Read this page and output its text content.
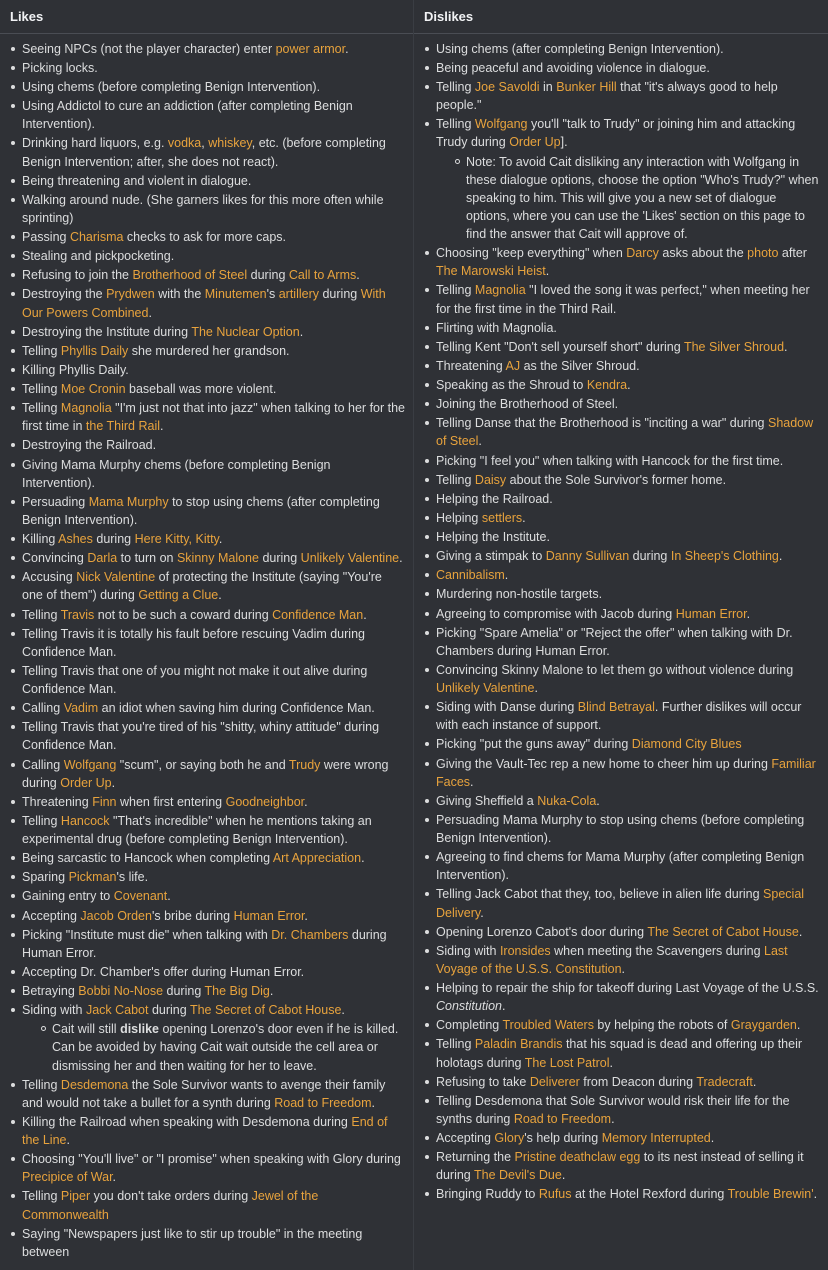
Likes
Seeing NPCs (not the player character) enter power armor.
Picking locks.
Using chems (before completing Benign Intervention).
Using Addictol to cure an addiction (after completing Benign Intervention).
Drinking hard liquors, e.g. vodka, whiskey, etc. (before completing Benign Intervention; after, she does not react).
Being threatening and violent in dialogue.
Walking around nude. (She garners likes for this more often while sprinting)
Passing Charisma checks to ask for more caps.
Stealing and pickpocketing.
Refusing to join the Brotherhood of Steel during Call to Arms.
Destroying the Prydwen with the Minutemen's artillery during With Our Powers Combined.
Destroying the Institute during The Nuclear Option.
Telling Phyllis Daily she murdered her grandson.
Killing Phyllis Daily.
Telling Moe Cronin baseball was more violent.
Telling Magnolia "I'm just not that into jazz" when talking to her for the first time in the Third Rail.
Destroying the Railroad.
Giving Mama Murphy chems (before completing Benign Intervention).
Persuading Mama Murphy to stop using chems (after completing Benign Intervention).
Killing Ashes during Here Kitty, Kitty.
Convincing Darla to turn on Skinny Malone during Unlikely Valentine.
Accusing Nick Valentine of protecting the Institute (saying "You're one of them") during Getting a Clue.
Telling Travis not to be such a coward during Confidence Man.
Telling Travis it is totally his fault before rescuing Vadim during Confidence Man.
Telling Travis that one of you might not make it out alive during Confidence Man.
Calling Vadim an idiot when saving him during Confidence Man.
Telling Travis that you're tired of his "shitty, whiny attitude" during Confidence Man.
Calling Wolfgang "scum", or saying both he and Trudy were wrong during Order Up.
Threatening Finn when first entering Goodneighbor.
Telling Hancock "That's incredible" when he mentions taking an experimental drug (before completing Benign Intervention).
Being sarcastic to Hancock when completing Art Appreciation.
Sparing Pickman's life.
Gaining entry to Covenant.
Accepting Jacob Orden's bribe during Human Error.
Picking "Institute must die" when talking with Dr. Chambers during Human Error.
Accepting Dr. Chamber's offer during Human Error.
Betraying Bobbi No-Nose during The Big Dig.
Siding with Jack Cabot during The Secret of Cabot House.
Cait will still dislike opening Lorenzo's door even if he is killed. Can be avoided by having Cait wait outside the cell area or dismissing her and then waiting for her to leave.
Telling Desdemona the Sole Survivor wants to avenge their family and would not take a bullet for a synth during Road to Freedom.
Killing the Railroad when speaking with Desdemona during End of the Line.
Choosing "You'll live" or "I promise" when speaking with Glory during Precipice of War.
Telling Piper you don't take orders during Jewel of the Commonwealth
Saying "Newspapers just like to stir up trouble" in the meeting between
Dislikes
Using chems (after completing Benign Intervention).
Being peaceful and avoiding violence in dialogue.
Telling Joe Savoldi in Bunker Hill that "it's always good to help people."
Telling Wolfgang you'll "talk to Trudy" or joining him and attacking Trudy during Order Up].
Note: To avoid Cait disliking any interaction with Wolfgang in these dialogue options, choose the option "Who's Trudy?" when speaking to him. This will give you a new set of dialogue options, where you can use the 'Likes' section on this page to find the answer that Cait will approve of.
Choosing "keep everything" when Darcy asks about the photo after The Marowski Heist.
Telling Magnolia "I loved the song it was perfect," when meeting her for the first time in the Third Rail.
Flirting with Magnolia.
Telling Kent "Don't sell yourself short" during The Silver Shroud.
Threatening AJ as the Silver Shroud.
Speaking as the Shroud to Kendra.
Joining the Brotherhood of Steel.
Telling Danse that the Brotherhood is "inciting a war" during Shadow of Steel.
Picking "I feel you" when talking with Hancock for the first time.
Telling Daisy about the Sole Survivor's former home.
Helping the Railroad.
Helping settlers.
Helping the Institute.
Giving a stimpak to Danny Sullivan during In Sheep's Clothing.
Cannibalism.
Murdering non-hostile targets.
Agreeing to compromise with Jacob during Human Error.
Picking "Spare Amelia" or "Reject the offer" when talking with Dr. Chambers during Human Error.
Convincing Skinny Malone to let them go without violence during Unlikely Valentine.
Siding with Danse during Blind Betrayal. Further dislikes will occur with each instance of support.
Picking "put the guns away" during Diamond City Blues
Giving the Vault-Tec rep a new home to cheer him up during Familiar Faces.
Giving Sheffield a Nuka-Cola.
Persuading Mama Murphy to stop using chems (before completing Benign Intervention).
Agreeing to find chems for Mama Murphy (after completing Benign Intervention).
Telling Jack Cabot that they, too, believe in alien life during Special Delivery.
Opening Lorenzo Cabot's door during The Secret of Cabot House.
Siding with Ironsides when meeting the Scavengers during Last Voyage of the U.S.S. Constitution.
Helping to repair the ship for takeoff during Last Voyage of the U.S.S. Constitution.
Completing Troubled Waters by helping the robots of Graygarden.
Telling Paladin Brandis that his squad is dead and offering up their holotags during The Lost Patrol.
Refusing to take Deliverer from Deacon during Tradecraft.
Telling Desdemona that Sole Survivor would risk their life for the synths during Road to Freedom.
Accepting Glory's help during Memory Interrupted.
Returning the Pristine deathclaw egg to its nest instead of selling it during The Devil's Due.
Bringing Ruddy to Rufus at the Hotel Rexford during Trouble Brewin'.
